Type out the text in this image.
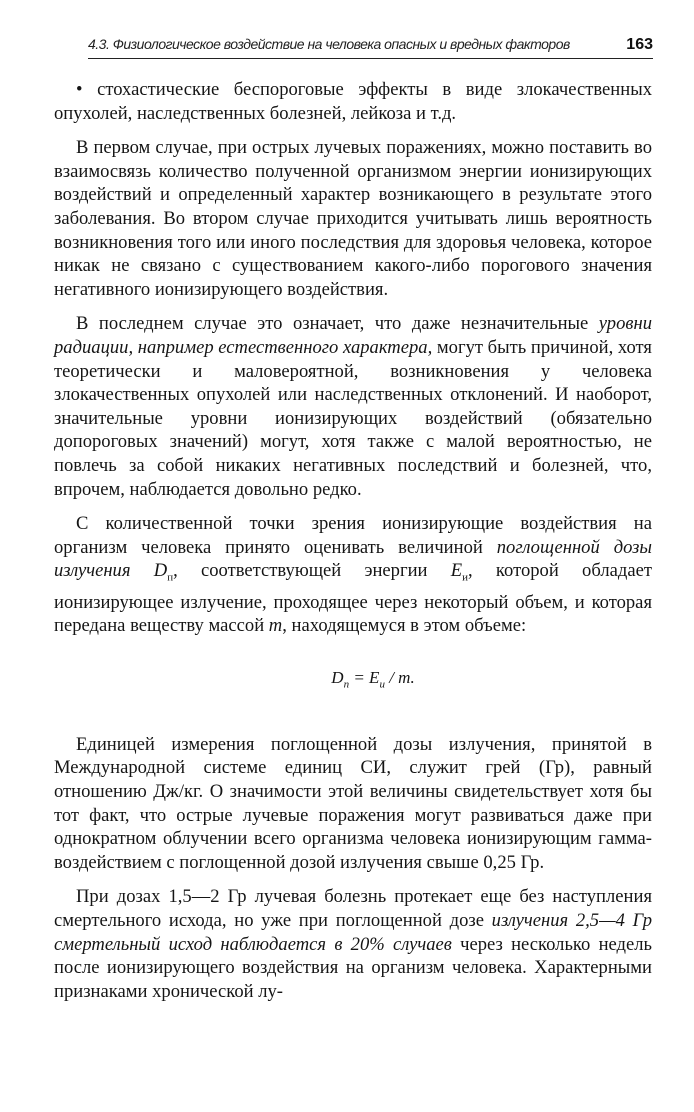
4.3. Физиологическое воздействие на человека опасных и вредных факторов	163

• стохастические беспороговые эффекты в виде злокачественных опухолей, наследственных болезней, лейкоза и т.д.

В первом случае, при острых лучевых поражениях, можно поставить во взаимосвязь количество полученной организмом энергии ионизирующих воздействий и определенный характер возникающего в результате этого заболевания. Во втором случае приходится учитывать лишь вероятность возникновения того или иного последствия для здоровья человека, которое никак не связано с существованием какого-либо порогового значения негативного ионизирующего воздействия.

В последнем случае это означает, что даже незначительные уровни радиации, например естественного характера, могут быть причиной, хотя теоретически и маловероятной, возникновения у человека злокачественных опухолей или наследственных отклонений. И наоборот, значительные уровни ионизирующих воздействий (обязательно допороговых значений) могут, хотя также с малой вероятностью, не повлечь за собой никаких негативных последствий и болезней, что, впрочем, наблюдается довольно редко.

С количественной точки зрения ионизирующие воздействия на организм человека принято оценивать величиной поглощенной дозы излучения $D_п$, соответствующей энергии $E_и$, которой обладает ионизирующее излучение, проходящее через некоторый объем, и которая передана веществу массой m, находящемуся в этом объеме:

$D_п = E_и / m$.

Единицей измерения поглощенной дозы излучения, принятой в Международной системе единиц СИ, служит грей (Гр), равный отношению Дж/кг. О значимости этой величины свидетельствует хотя бы тот факт, что острые лучевые поражения могут развиваться даже при однократном облучении всего организма человека ионизирующим гамма-воздействием с поглощенной дозой излучения свыше 0,25 Гр.

При дозах 1,5—2 Гр лучевая болезнь протекает еще без наступления смертельного исхода, но уже при поглощенной дозе излучения 2,5—4 Гр смертельный исход наблюдается в 20% случаев через несколько недель после ионизирующего воздействия на организм человека. Характерными признаками хронической лу-
